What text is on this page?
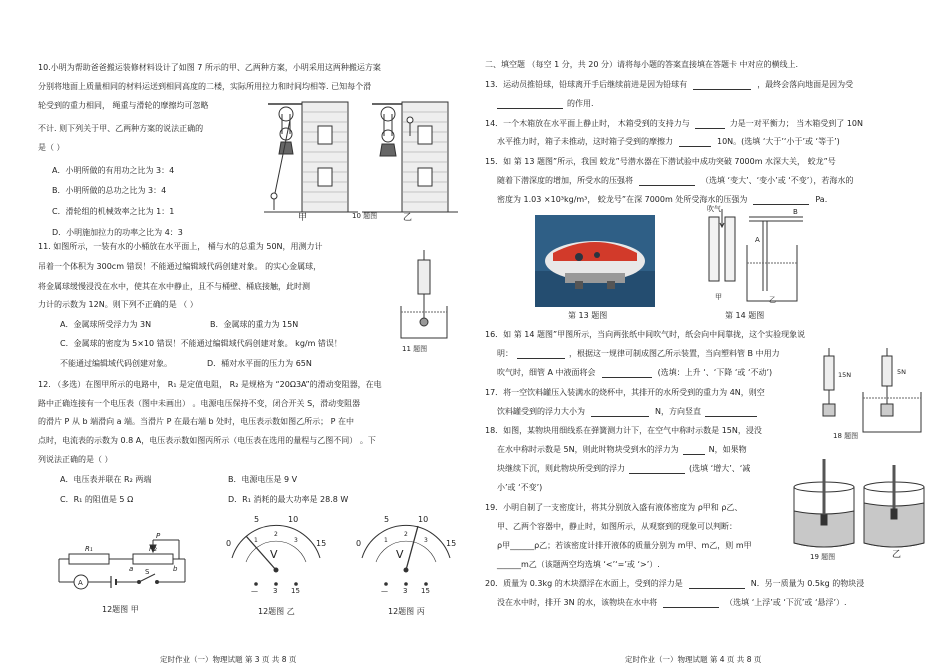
10.小明为帮助爸爸搬运装修材料设计了如图 7 所示的甲、乙两种方案，小明采用这两种搬运方案
分别将地面上质量相同的材料运送到相同高度的二楼，实际所用拉力和时间均相等. 已知每个滑
轮受到的重力相同， 绳重与滑轮的摩擦均可忽略
不计. 则下列关于甲、乙两种方案的说法正确的
是（ ）
A．小明所做的有用功之比为 3：4
B．小明所做的总功之比为 3：4
C．滑轮组的机械效率之比为 1：1
D．小明施加拉力的功率之比为 4：3
甲	10 题图	乙
11. 如图所示，一装有水的小桶放在水平面上， 桶与水的总重为 50N，用测力计
吊着一个体积为 300cm 错误！不能通过编辑域代码创建对象。 的实心金属球，
将金属球缓慢浸没在水中，使其在水中静止，且不与桶壁、桶底接触，此时测
力计的示数为 12N。则下列不正确的是 （ ）
A．金属球所受浮力为 3N	B．金属球的重力为 15N
C．金属球的密度为 5×10 错误！不能通过编辑域代码创建对象。 kg/m 错误！
不能通过编辑域代码创建对象。	D．桶对水平面的压力为 65N
11 题图
12. （多选）在图甲所示的电路中， R₁ 是定值电阻， R₂ 是规格为 “20Ω3A”的滑动变阻器，在电
路中正确连接有一个电压表（图中未画出） 。电源电压保持不变，闭合开关 S，滑动变阻器
的滑片 P 从 b 端滑向 a 端。当滑片 P 在最右端 b 处时，电压表示数如图乙所示； P 在中
点时，电流表的示数为 0.8 A，电压表示数如图丙所示（电压表在选用的量程与乙图不同） 。下
列说法正确的是（ ）
A．电压表并联在 R₂ 两端	B．电源电压是 9 V
C．R₁ 的阻值是 5 Ω	D．R₁ 消耗的最大功率是 28.8 W
R₁	R₂
P
a	b
S
A
12题图 甲
0
5	10
15
1
2
3
V
— 3 15
12题图 乙
0
5	10
15
1
2
3
V
— 3 15
12题图 丙
定时作业（一）物理试题 第 3 页 共 8 页
二、填空题 （每空 1 分，共 20 分）请将每小题的答案直接填在答题卡 中对应的横线上.
13．运动员推铅球，铅球离开手后继续前进是因为铅球有	，最终会落向地面是因为受
的作用.
14．一个木箱放在水平面上静止时， 木箱受到的支持力与	力是一对平衡力； 当木箱受到了 10N
水平推力时，箱子未推动，这时箱子受到的摩擦力	10N。(选填 ‘大于’‘小于’或 ‘等于’)
15．如 第 13 题图”所示，我国 蛟龙”号潜水器在下潜试验中成功突破 7000m 水深大关， 蛟龙”号
随着下潜深度的增加，所受水的压强将	（选填 ‘变大’、‘变小’或 ‘不变’），若海水的
密度为 1.03 ×10³kg/m³， 蛟龙号”在深 7000m 处所受海水的压强为	Pa.
第 13 题图
吹气	B
A
甲	乙
第 14 题图
16．如 第 14 题图”甲图所示，当向两张纸中间吹气时，纸会向中间靠拢，这个实验现象说
明：	，根据这一规律可制成图乙所示装置，当向塑料管 B 中用力
吹气时，细管 A 中液面将会	(选填：上升 ‘、‘下降 ‘或 ‘不动’)
17．将一空饮料罐压入装满水的烧杯中，其排开的水所受到的重力为 4N，则空
饮料罐受到的浮力大小为	N，方向竖直
15N	5N
18 题图
18．如图，某物块用细线系在弹簧测力计下，在空气中称时示数是 15N，浸没
在水中称时示数是 5N，则此时物块受到水的浮力为	N，如果物
块继续下沉，则此物块所受到的浮力	(选填 ‘增大’、‘减
小’或 ‘不变’)
19．小明自制了一支密度计，将其分别放入盛有液体密度为 ρ甲和 ρ乙、
甲、乙两个容器中，静止时，如图所示，从观察到的现象可以判断：
ρ甲______ρ乙；若该密度计排开液体的质量分别为 m甲、m乙，则 m甲
______m乙（该题两空均选填 ‘<’‘=’或 ‘>’）.
19 题图	乙
20．质量为 0.3kg 的木块漂浮在水面上，受到的浮力是	N．另一质量为 0.5kg 的物块浸
没在水中时，排开 3N 的水，该物块在水中将	（选填 ‘上浮’或 ‘下沉’或 ‘悬浮’）.
定时作业（一）物理试题 第 4 页 共 8 页
